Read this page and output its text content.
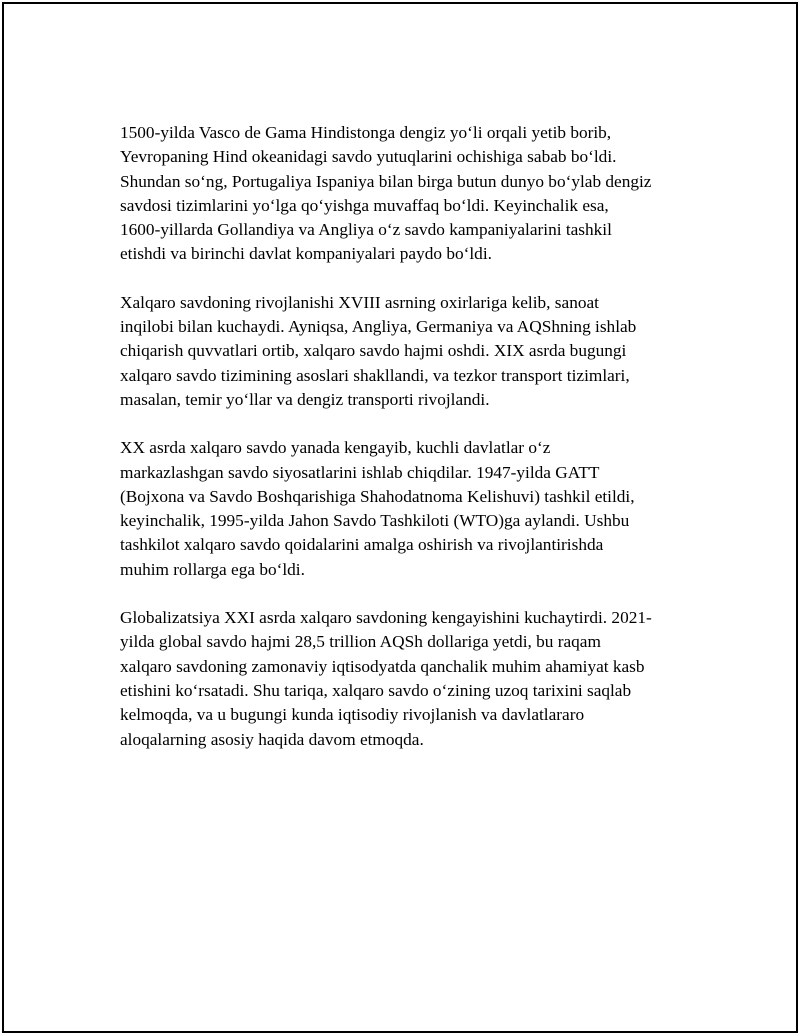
1500-yilda Vasco de Gama Hindistonga dengiz yo‘li orqali yetib borib,
Yevropaning Hind okeanidagi savdo yutuqlarini ochishiga sabab bo‘ldi.
Shundan so‘ng, Portugaliya Ispaniya bilan birga butun dunyo bo‘ylab dengiz
savdosi tizimlarini yo‘lga qo‘yishga muvaffaq bo‘ldi. Keyinchalik esa,
1600-yillarda Gollandiya va Angliya o‘z savdo kampaniyalarini tashkil
etishdi va birinchi davlat kompaniyalari paydo bo‘ldi.

Xalqaro savdoning rivojlanishi XVIII asrning oxirlariga kelib, sanoat
inqilobi bilan kuchaydi. Ayniqsa, Angliya, Germaniya va AQShning ishlab
chiqarish quvvatlari ortib, xalqaro savdo hajmi oshdi. XIX asrda bugungi
xalqaro savdo tizimining asoslari shakllandi, va tezkor transport tizimlari,
masalan, temir yo‘llar va dengiz transporti rivojlandi.

XX asrda xalqaro savdo yanada kengayib, kuchli davlatlar o‘z
markazlashgan savdo siyosatlarini ishlab chiqdilar. 1947-yilda GATT
(Bojxona va Savdo Boshqarishiga Shahodatnoma Kelishuvi) tashkil etildi,
keyinchalik, 1995-yilda Jahon Savdo Tashkiloti (WTO)ga aylandi. Ushbu
tashkilot xalqaro savdo qoidalarini amalga oshirish va rivojlantirishda
muhim rollarga ega bo‘ldi.

Globalizatsiya XXI asrda xalqaro savdoning kengayishini kuchaytirdi. 2021-
yilda global savdo hajmi 28,5 trillion AQSh dollariga yetdi, bu raqam
xalqaro savdoning zamonaviy iqtisodyatda qanchalik muhim ahamiyat kasb
etishini ko‘rsatadi. Shu tariqa, xalqaro savdo o‘zining uzoq tarixini saqlab
kelmoqda, va u bugungi kunda iqtisodiy rivojlanish va davlatlararo
aloqalarning asosiy haqida davom etmoqda.
